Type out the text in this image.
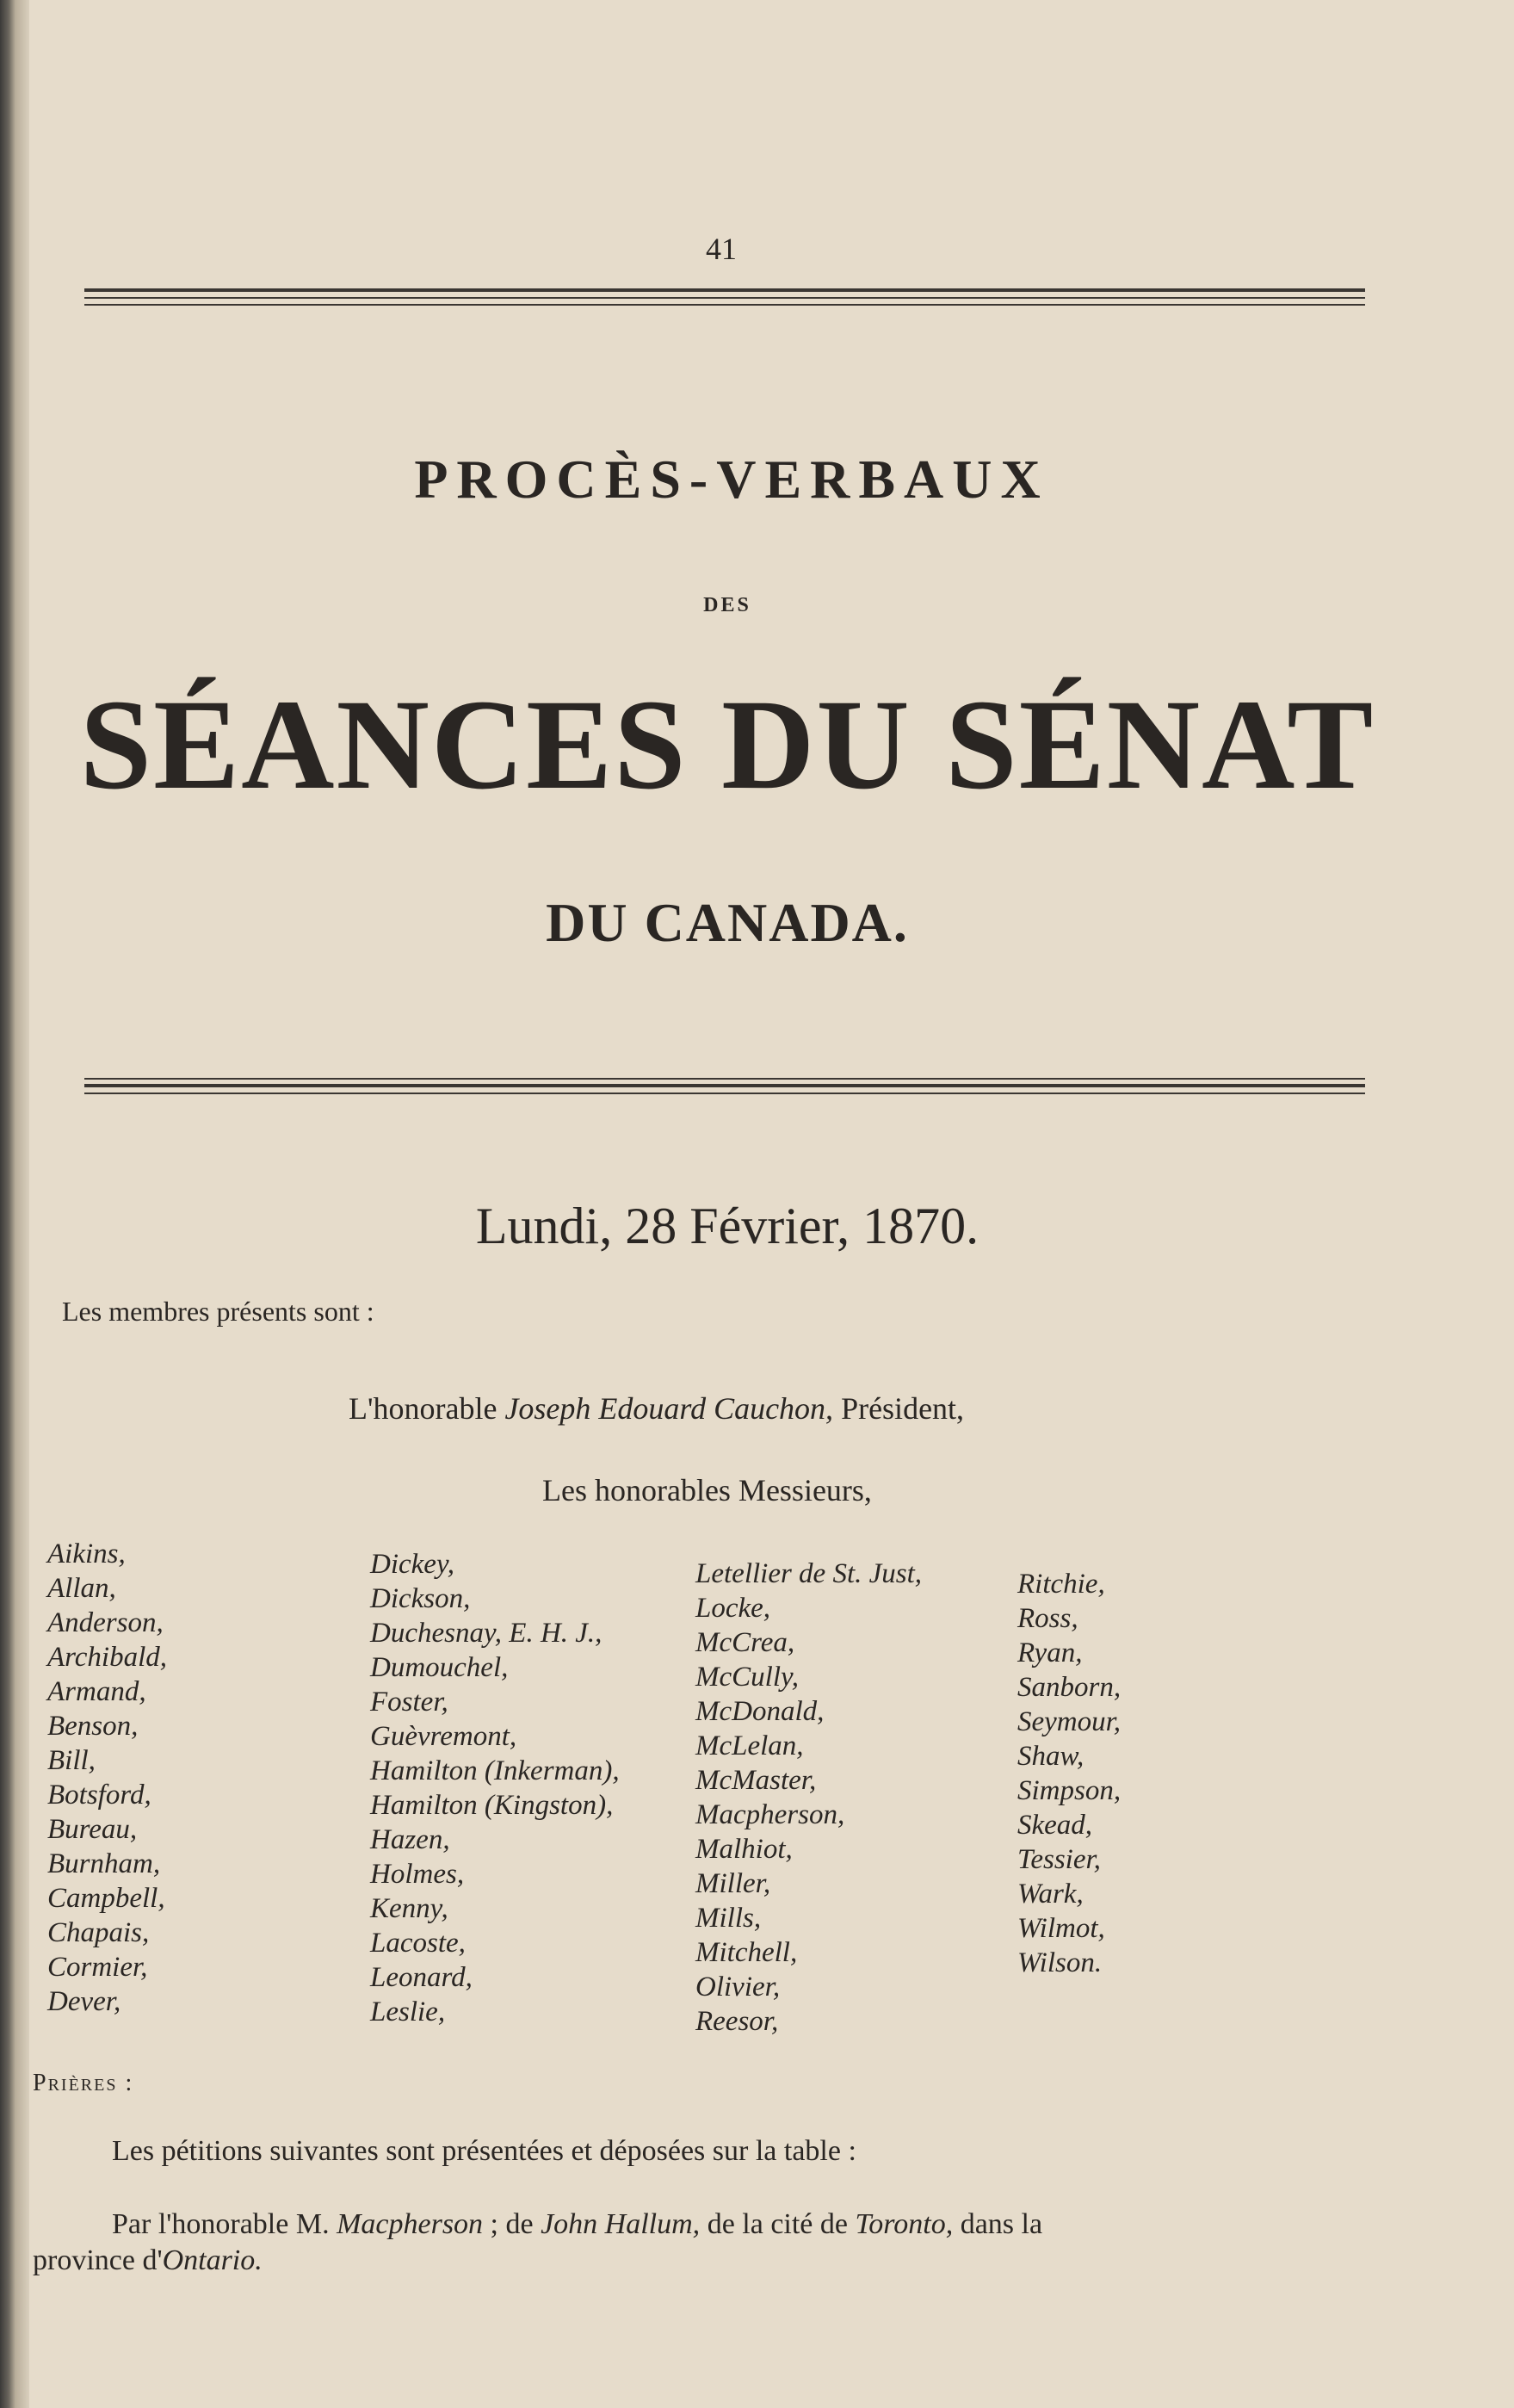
41
PROCÈS-VERBAUX
DES
SÉANCES DU SÉNAT
DU CANADA.
Lundi, 28 Février, 1870.
Les membres présents sont :
L'honorable Joseph Edouard Cauchon, Président,
Les honorables Messieurs,
Aikins,
Allan,
Anderson,
Archibald,
Armand,
Benson,
Bill,
Botsford,
Bureau,
Burnham,
Campbell,
Chapais,
Cormier,
Dever,
Dickey,
Dickson,
Duchesnay, E. H. J.,
Dumouchel,
Foster,
Guèvremont,
Hamilton (Inkerman),
Hamilton (Kingston),
Hazen,
Holmes,
Kenny,
Lacoste,
Leonard,
Leslie,
Letellier de St. Just,
Locke,
McCrea,
McCully,
McDonald,
McLelan,
McMaster,
Macpherson,
Malhiot,
Miller,
Mills,
Mitchell,
Olivier,
Reesor,
Ritchie,
Ross,
Ryan,
Sanborn,
Seymour,
Shaw,
Simpson,
Skead,
Tessier,
Wark,
Wilmot,
Wilson.
Prières :
Les pétitions suivantes sont présentées et déposées sur la table :
Par l'honorable M. Macpherson ; de John Hallum, de la cité de Toronto, dans la
province d'Ontario.
